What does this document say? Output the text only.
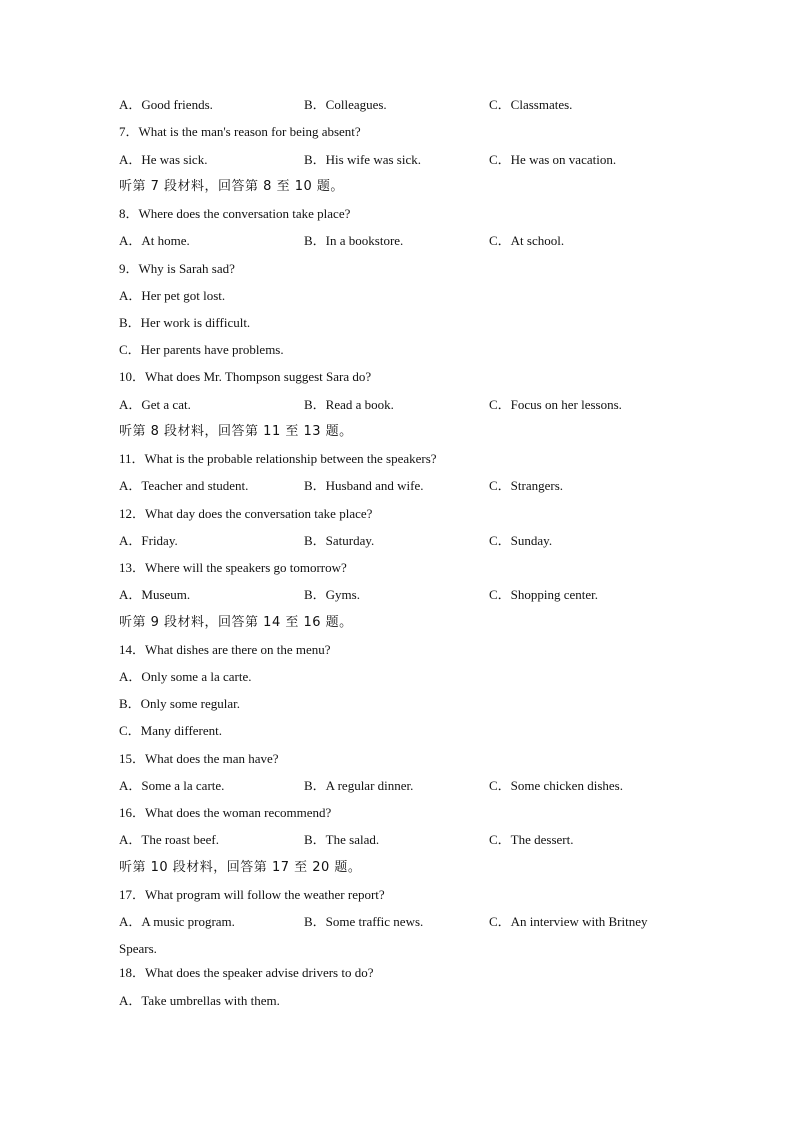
A．Good friends.	B．Colleagues.	C．Classmates.
7．What is the man's reason for being absent?
A．He was sick.	B．His wife was sick.	C．He was on vacation.
听第 7 段材料，回答第 8 至 10 题。
8．Where does the conversation take place?
A．At home.	B．In a bookstore.	C．At school.
9．Why is Sarah sad?
A．Her pet got lost.
B．Her work is difficult.
C．Her parents have problems.
10．What does Mr. Thompson suggest Sara do?
A．Get a cat.	B．Read a book.	C．Focus on her lessons.
听第 8 段材料，回答第 11 至 13 题。
11．What is the probable relationship between the speakers?
A．Teacher and student.	B．Husband and wife.	C．Strangers.
12．What day does the conversation take place?
A．Friday.	B．Saturday.	C．Sunday.
13．Where will the speakers go tomorrow?
A．Museum.	B．Gyms.	C．Shopping center.
听第 9 段材料，回答第 14 至 16 题。
14．What dishes are there on the menu?
A．Only some a la carte.
B．Only some regular.
C．Many different.
15．What does the man have?
A．Some a la carte.	B．A regular dinner.	C．Some chicken dishes.
16．What does the woman recommend?
A．The roast beef.	B．The salad.	C．The dessert.
听第 10 段材料，回答第 17 至 20 题。
17．What program will follow the weather report?
A．A music program.	B．Some traffic news.	C．An interview with Britney
Spears.
18．What does the speaker advise drivers to do?
A．Take umbrellas with them.
